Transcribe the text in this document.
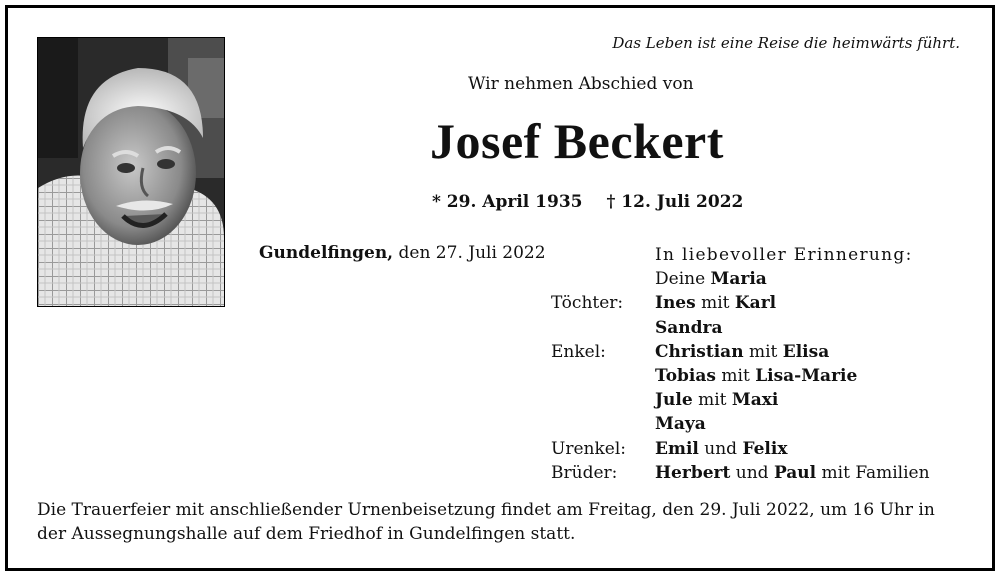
Das Leben ist eine Reise die heimwärts führt.
Wir nehmen Abschied von
Josef Beckert
* 29. April 1935 † 12. Juli 2022
Gundelfingen, den 27. Juli 2022	In liebevoller Erinnerung:
Deine Maria
Töchter:	Ines mit Karl
Sandra
Enkel:	Christian mit Elisa
Tobias mit Lisa-Marie
Jule mit Maxi
Maya
Urenkel:	Emil und Felix
Brüder:	Herbert und Paul mit Familien
Die Trauerfeier mit anschließender Urnenbeisetzung findet am Freitag, den 29. Juli 2022, um 16 Uhr in der Aussegnungshalle auf dem Friedhof in Gundelfingen statt.
